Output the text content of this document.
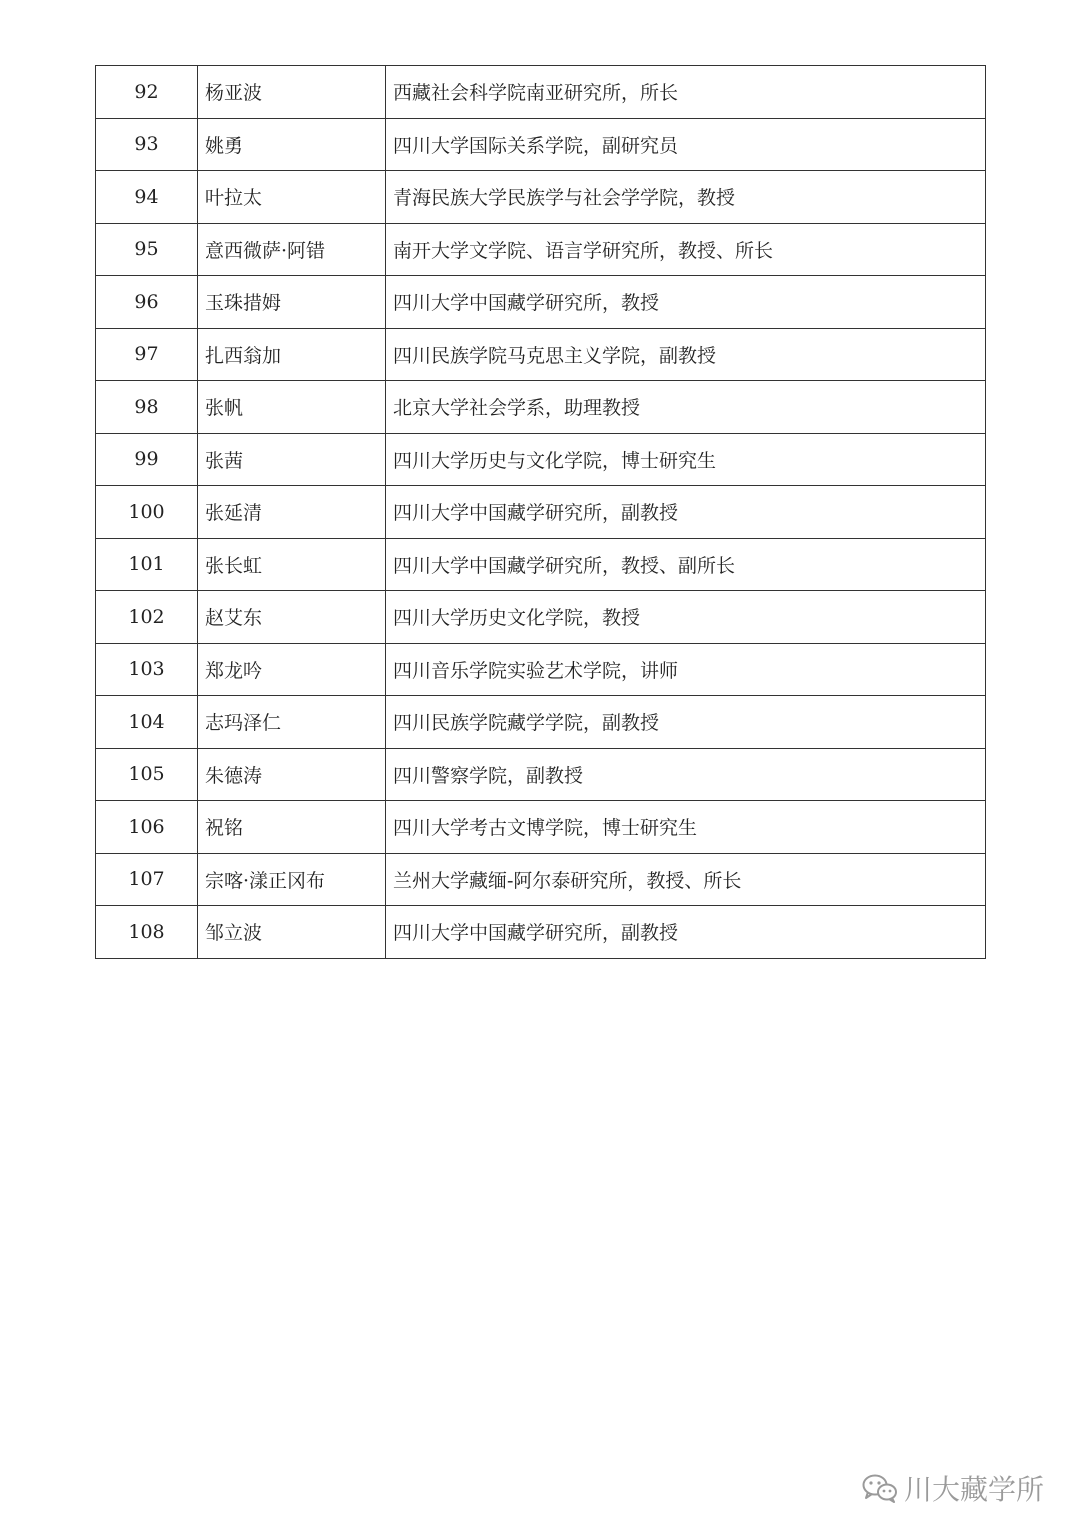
92	杨亚波	西藏社会科学院南亚研究所，所长
93	姚勇	四川大学国际关系学院，副研究员
94	叶拉太	青海民族大学民族学与社会学学院，教授
95	意西微萨·阿错	南开大学文学院、语言学研究所，教授、所长
96	玉珠措姆	四川大学中国藏学研究所，教授
97	扎西翁加	四川民族学院马克思主义学院，副教授
98	张帆	北京大学社会学系，助理教授
99	张茜	四川大学历史与文化学院，博士研究生
100	张延清	四川大学中国藏学研究所，副教授
101	张长虹	四川大学中国藏学研究所，教授、副所长
102	赵艾东	四川大学历史文化学院，教授
103	郑龙吟	四川音乐学院实验艺术学院，讲师
104	志玛泽仁	四川民族学院藏学学院，副教授
105	朱德涛	四川警察学院，副教授
106	祝铭	四川大学考古文博学院，博士研究生
107	宗喀·漾正冈布	兰州大学藏缅-阿尔泰研究所，教授、所长
108	邹立波	四川大学中国藏学研究所，副教授
川大藏学所
